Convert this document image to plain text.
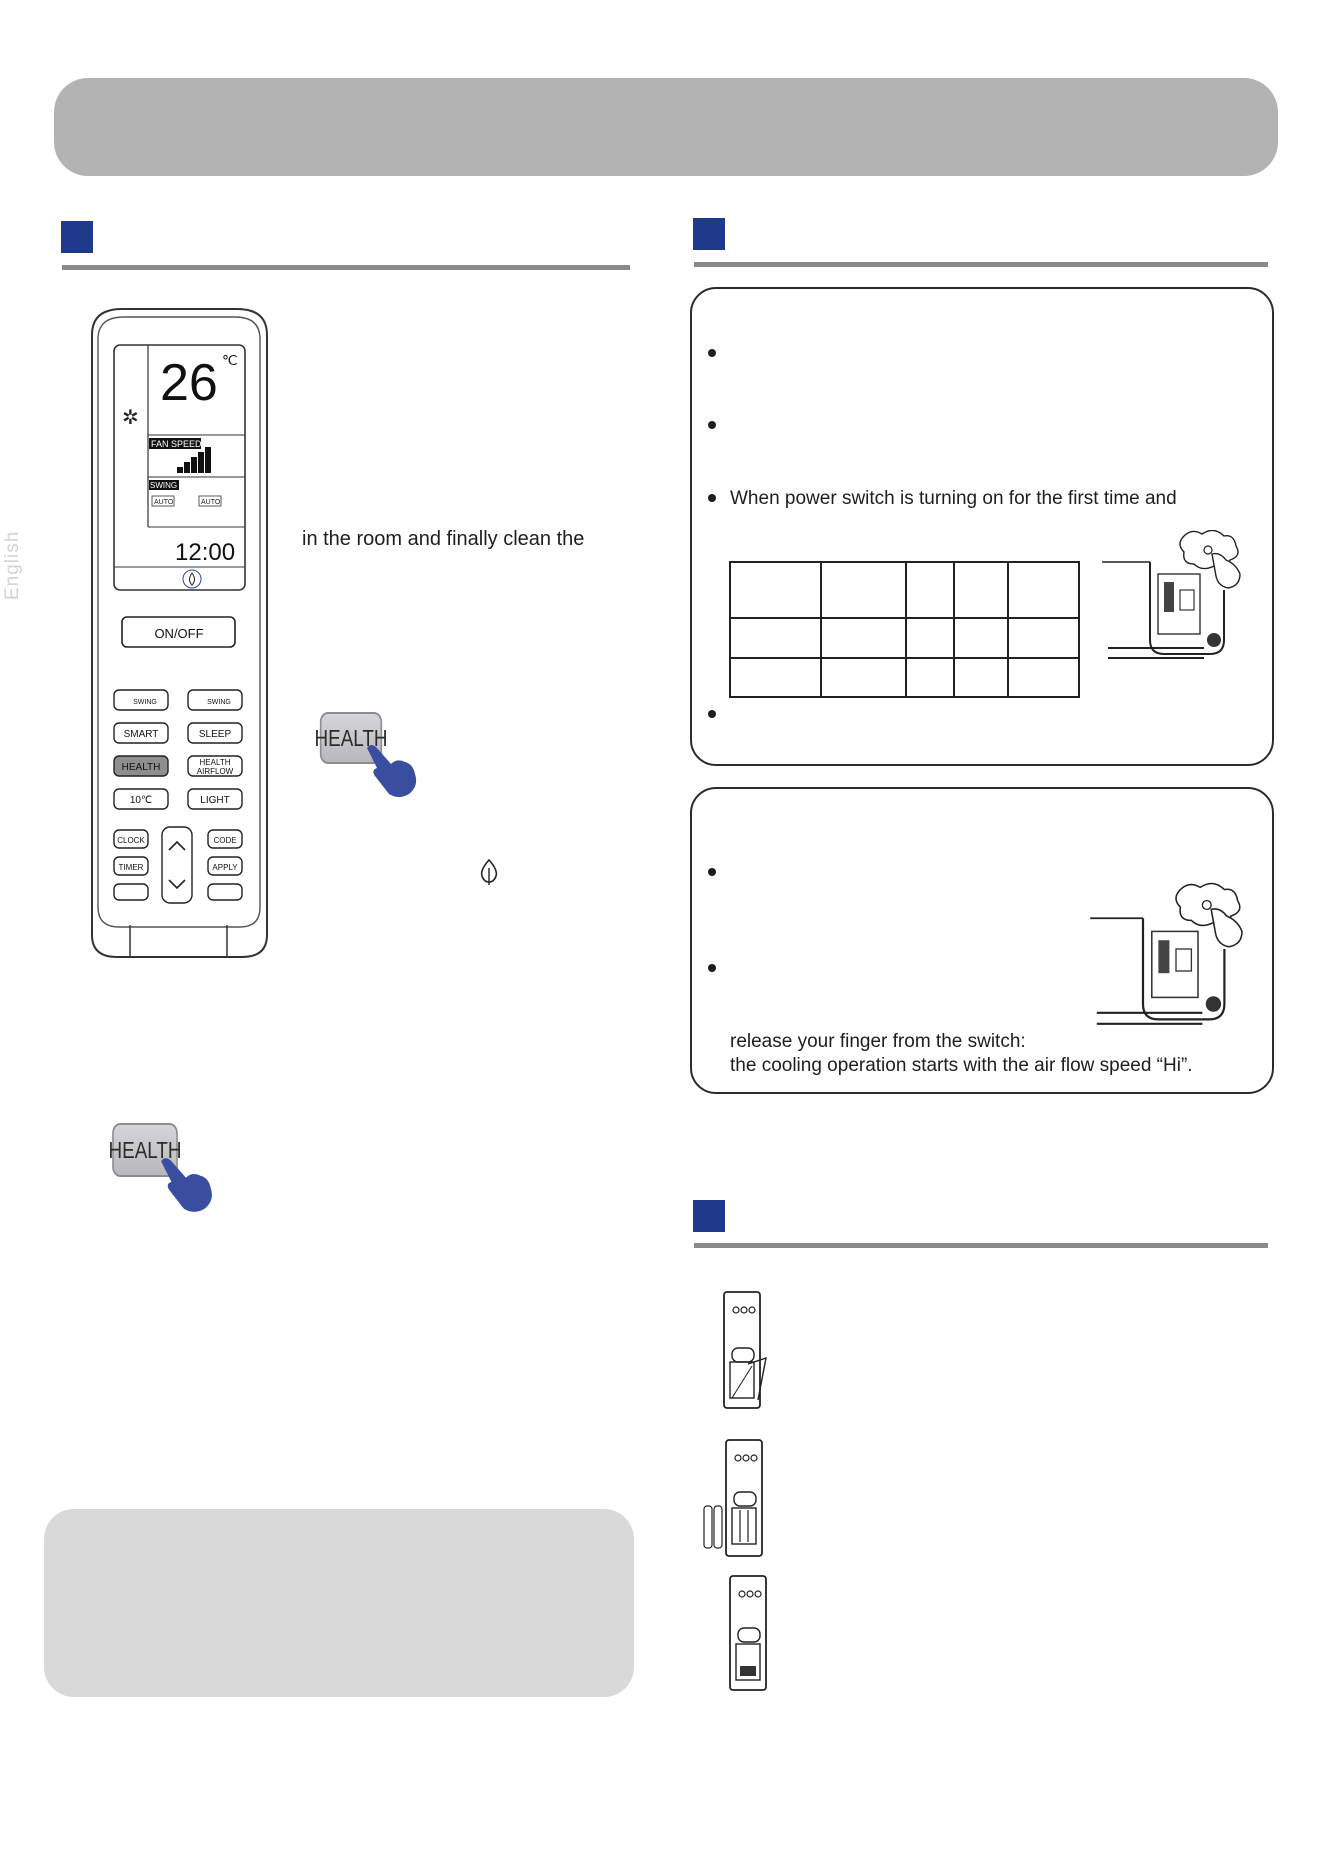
English
26 ℃
✲
FAN SPEED
SWING
AUTO	AUTO
12:00
ON/OFF
SWING	SWING
SMART	SLEEP
HEALTH	HEALTH
AIRFLOW
10℃	LIGHT
CLOCK	CODE
TIMER	APPLY
in the room and finally clean the
HEALTH
HEALTH
When power switch is turning on for the first time and
release your finger from the switch:
the cooling operation starts with the air flow speed “Hi”.
